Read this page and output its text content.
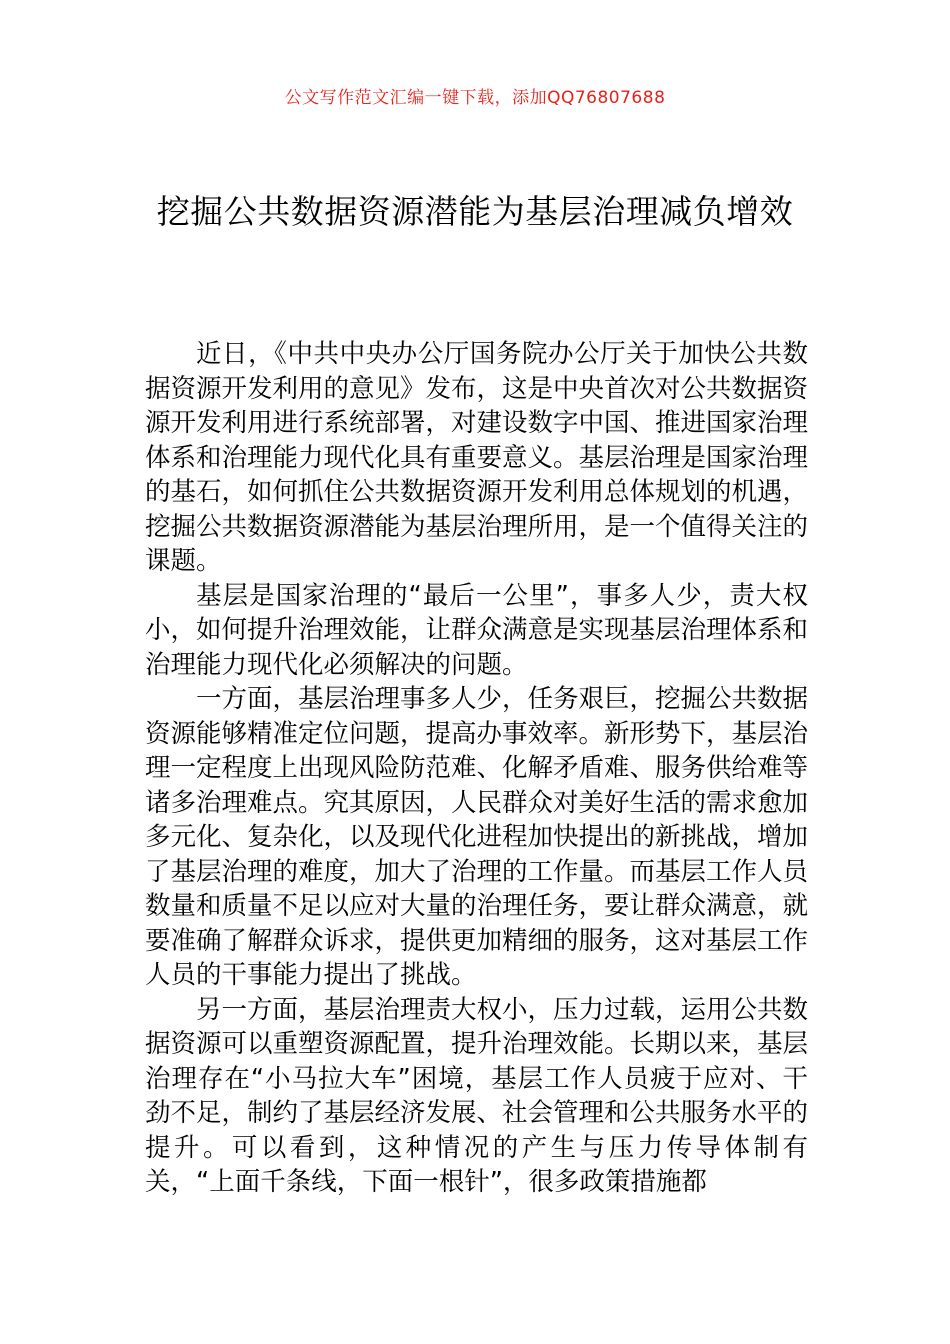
公文写作范文汇编一键下载，添加QQ76807688
挖掘公共数据资源潜能为基层治理减负增效

近日，《中共中央办公厅国务院办公厅关于加快公共数据资源开发利用的意见》发布，这是中央首次对公共数据资源开发利用进行系统部署，对建设数字中国、推进国家治理体系和治理能力现代化具有重要意义。基层治理是国家治理的基石，如何抓住公共数据资源开发利用总体规划的机遇，挖掘公共数据资源潜能为基层治理所用，是一个值得关注的课题。

基层是国家治理的“最后一公里”，事多人少，责大权小，如何提升治理效能，让群众满意是实现基层治理体系和治理能力现代化必须解决的问题。

一方面，基层治理事多人少，任务艰巨，挖掘公共数据资源能够精准定位问题，提高办事效率。新形势下，基层治理一定程度上出现风险防范难、化解矛盾难、服务供给难等诸多治理难点。究其原因，人民群众对美好生活的需求愈加多元化、复杂化，以及现代化进程加快提出的新挑战，增加了基层治理的难度，加大了治理的工作量。而基层工作人员数量和质量不足以应对大量的治理任务，要让群众满意，就要准确了解群众诉求，提供更加精细的服务，这对基层工作人员的干事能力提出了挑战。

另一方面，基层治理责大权小，压力过载，运用公共数据资源可以重塑资源配置，提升治理效能。长期以来，基层治理存在“小马拉大车”困境，基层工作人员疲于应对、干劲不足，制约了基层经济发展、社会管理和公共服务水平的提升。可以看到，这种情况的产生与压力传导体制有关，“上面千条线，下面一根针”，很多政策措施都
